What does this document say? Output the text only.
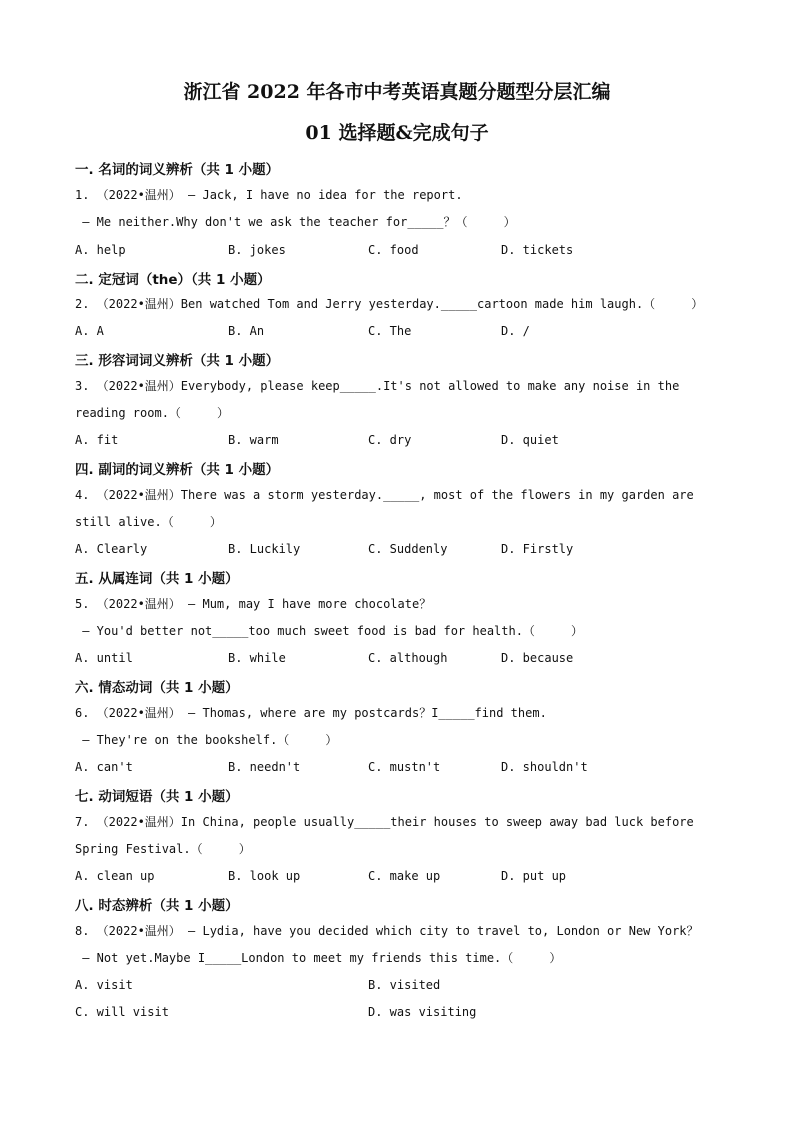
浙江省 2022 年各市中考英语真题分题型分层汇编
01 选择题&完成句子
一. 名词的词义辨析（共 1 小题）
1. （2022•温州） – Jack, I have no idea for the report.
– Me neither.Why don't we ask the teacher for_____？（     ）
A. help	B. jokes	C. food	D. tickets
二. 定冠词（the）（共 1 小题）
2. （2022•温州）Ben watched Tom and Jerry yesterday._____cartoon made him laugh.（     ）
A. A	B. An	C. The	D. /
三. 形容词词义辨析（共 1 小题）
3. （2022•温州）Everybody, please keep_____.It's not allowed to make any noise in the reading room.（     ）
A. fit	B. warm	C. dry	D. quiet
四. 副词的词义辨析（共 1 小题）
4. （2022•温州）There was a storm yesterday._____, most of the flowers in my garden are still alive.（     ）
A. Clearly	B. Luckily	C. Suddenly	D. Firstly
五. 从属连词（共 1 小题）
5. （2022•温州） – Mum, may I have more chocolate？
– You'd better not_____too much sweet food is bad for health.（     ）
A. until	B. while	C. although	D. because
六. 情态动词（共 1 小题）
6. （2022•温州） – Thomas, where are my postcards？I_____find them.
– They're on the bookshelf.（     ）
A. can't	B. needn't	C. mustn't	D. shouldn't
七. 动词短语（共 1 小题）
7. （2022•温州）In China, people usually_____their houses to sweep away bad luck before Spring Festival.（     ）
A. clean up	B. look up	C. make up	D. put up
八. 时态辨析（共 1 小题）
8. （2022•温州） – Lydia, have you decided which city to travel to, London or New York？
– Not yet.Maybe I_____London to meet my friends this time.（     ）
A. visit	B. visited
C. will visit	D. was visiting
